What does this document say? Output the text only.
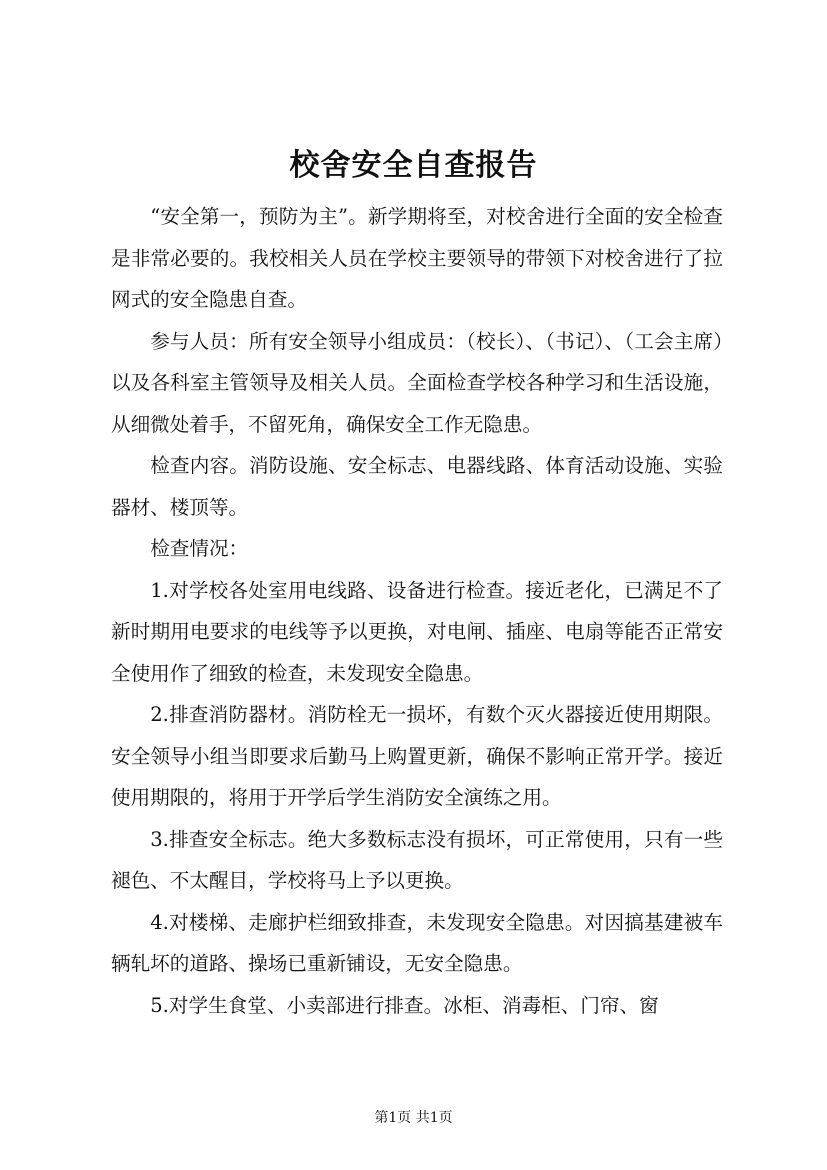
校舍安全自查报告

“安全第一，预防为主”。新学期将至，对校舍进行全面的安全检查是非常必要的。我校相关人员在学校主要领导的带领下对校舍进行了拉网式的安全隐患自查。

参与人员：所有安全领导小组成员：（校长）、（书记）、（工会主席）以及各科室主管领导及相关人员。全面检查学校各种学习和生活设施，从细微处着手，不留死角，确保安全工作无隐患。

检查内容。消防设施、安全标志、电器线路、体育活动设施、实验器材、楼顶等。

检查情况：

1.对学校各处室用电线路、设备进行检查。接近老化，已满足不了新时期用电要求的电线等予以更换，对电闸、插座、电扇等能否正常安全使用作了细致的检查，未发现安全隐患。

2.排查消防器材。消防栓无一损坏，有数个灭火器接近使用期限。安全领导小组当即要求后勤马上购置更新，确保不影响正常开学。接近使用期限的，将用于开学后学生消防安全演练之用。

3.排查安全标志。绝大多数标志没有损坏，可正常使用，只有一些褪色、不太醒目，学校将马上予以更换。

4.对楼梯、走廊护栏细致排查，未发现安全隐患。对因搞基建被车辆轧坏的道路、操场已重新铺设，无安全隐患。

5.对学生食堂、小卖部进行排查。冰柜、消毒柜、门帘、窗

第1页 共1页
